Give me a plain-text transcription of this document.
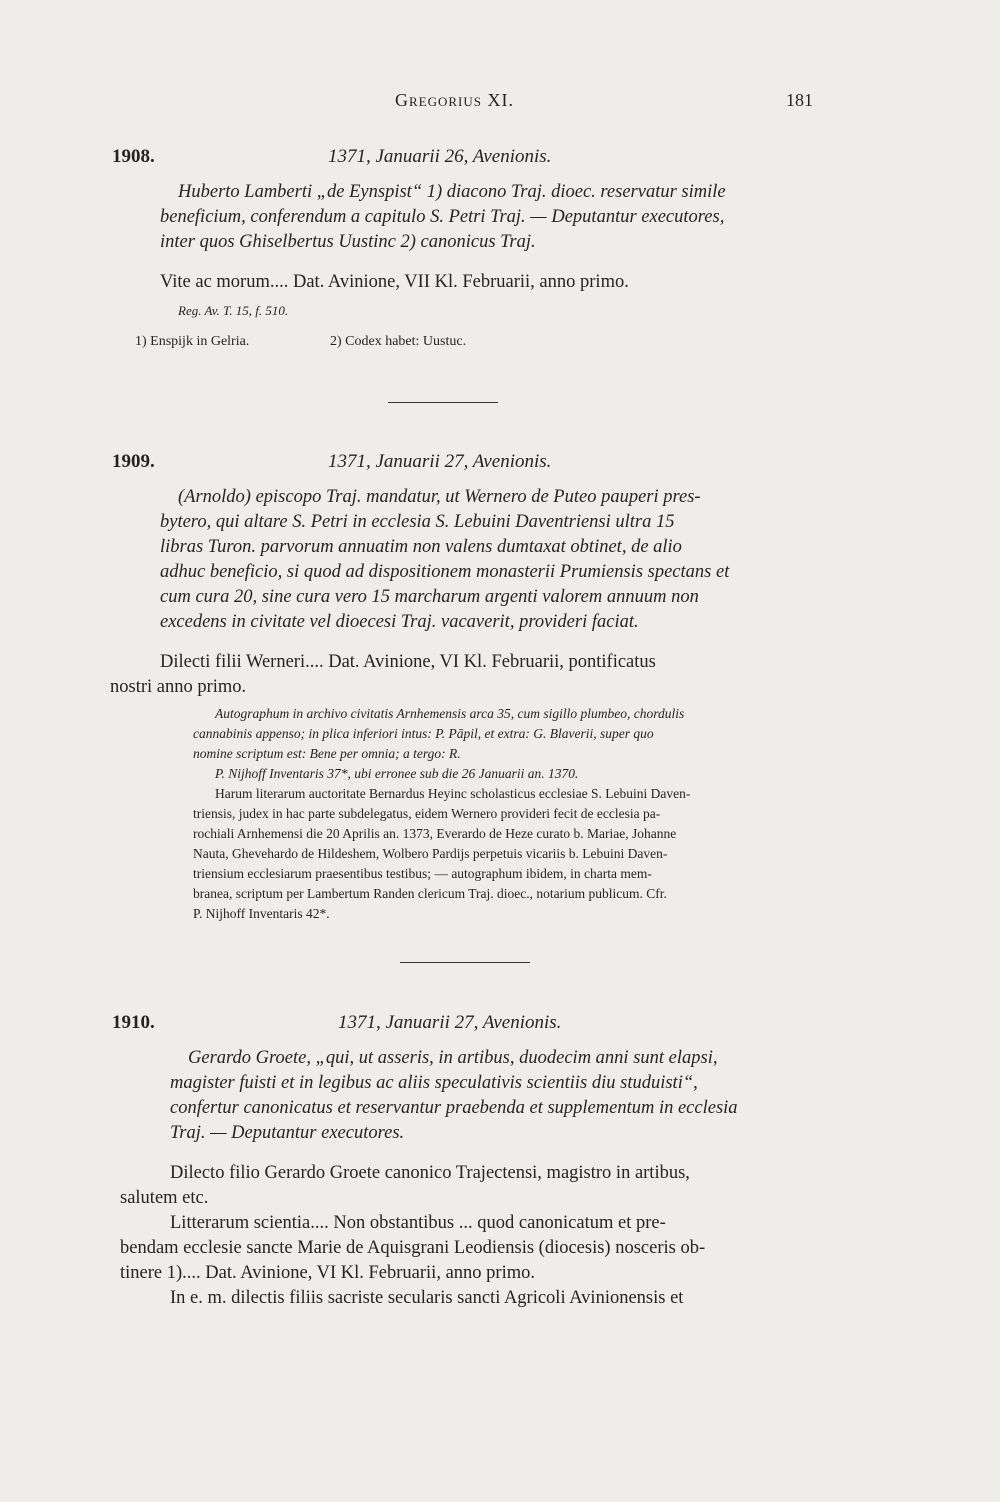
Gregorius XI.	181
1908.	1371, Januarii 26, Avenionis.
Huberto Lamberti „de Eynspist“ 1) diacono Traj. dioec. reservatur simile
beneficium, conferendum a capitulo S. Petri Traj. — Deputantur executores,
inter quos Ghiselbertus Uustinc 2) canonicus Traj.
Vite ac morum.... Dat. Avinione, VII Kl. Februarii, anno primo.
Reg. Av. T. 15, f. 510.
1) Enspijk in Gelria.	2) Codex habet: Uustuc.
1909.	1371, Januarii 27, Avenionis.
(Arnoldo) episcopo Traj. mandatur, ut Wernero de Puteo pauperi pres-
bytero, qui altare S. Petri in ecclesia S. Lebuini Daventriensi ultra 15
libras Turon. parvorum annuatim non valens dumtaxat obtinet, de alio
adhuc beneficio, si quod ad dispositionem monasterii Prumiensis spectans et
cum cura 20, sine cura vero 15 marcharum argenti valorem annuum non
excedens in civitate vel dioecesi Traj. vacaverit, provideri faciat.
Dilecti filii Werneri.... Dat. Avinione, VI Kl. Februarii, pontificatus
nostri anno primo.
Autographum in archivo civitatis Arnhemensis arca 35, cum sigillo plumbeo, chordulis
cannabinis appenso; in plica inferiori intus: P. Pāpil, et extra: G. Blaverii, super quo
nomine scriptum est: Bene per omnia; a tergo: R.
P. Nijhoff Inventaris 37*, ubi erronee sub die 26 Januarii an. 1370.
Harum literarum auctoritate Bernardus Heyinc scholasticus ecclesiae S. Lebuini Daven-
triensis, judex in hac parte subdelegatus, eidem Wernero provideri fecit de ecclesia pa-
rochiali Arnhemensi die 20 Aprilis an. 1373, Everardo de Heze curato b. Mariae, Johanne
Nauta, Ghevehardo de Hildeshem, Wolbero Pardijs perpetuis vicariis b. Lebuini Daven-
triensium ecclesiarum praesentibus testibus; — autographum ibidem, in charta mem-
branea, scriptum per Lambertum Randen clericum Traj. dioec., notarium publicum. Cfr.
P. Nijhoff Inventaris 42*.
1910.	1371, Januarii 27, Avenionis.
Gerardo Groete, „qui, ut asseris, in artibus, duodecim anni sunt elapsi,
magister fuisti et in legibus ac aliis speculativis scientiis diu studuisti“,
confertur canonicatus et reservantur praebenda et supplementum in ecclesia
Traj. — Deputantur executores.
Dilecto filio Gerardo Groete canonico Trajectensi, magistro in artibus,
salutem etc.
Litterarum scientia.... Non obstantibus ... quod canonicatum et pre-
bendam ecclesie sancte Marie de Aquisgrani Leodiensis (diocesis) nosceris ob-
tinere 1).... Dat. Avinione, VI Kl. Februarii, anno primo.
In e. m. dilectis filiis sacriste secularis sancti Agricoli Avinionensis et
